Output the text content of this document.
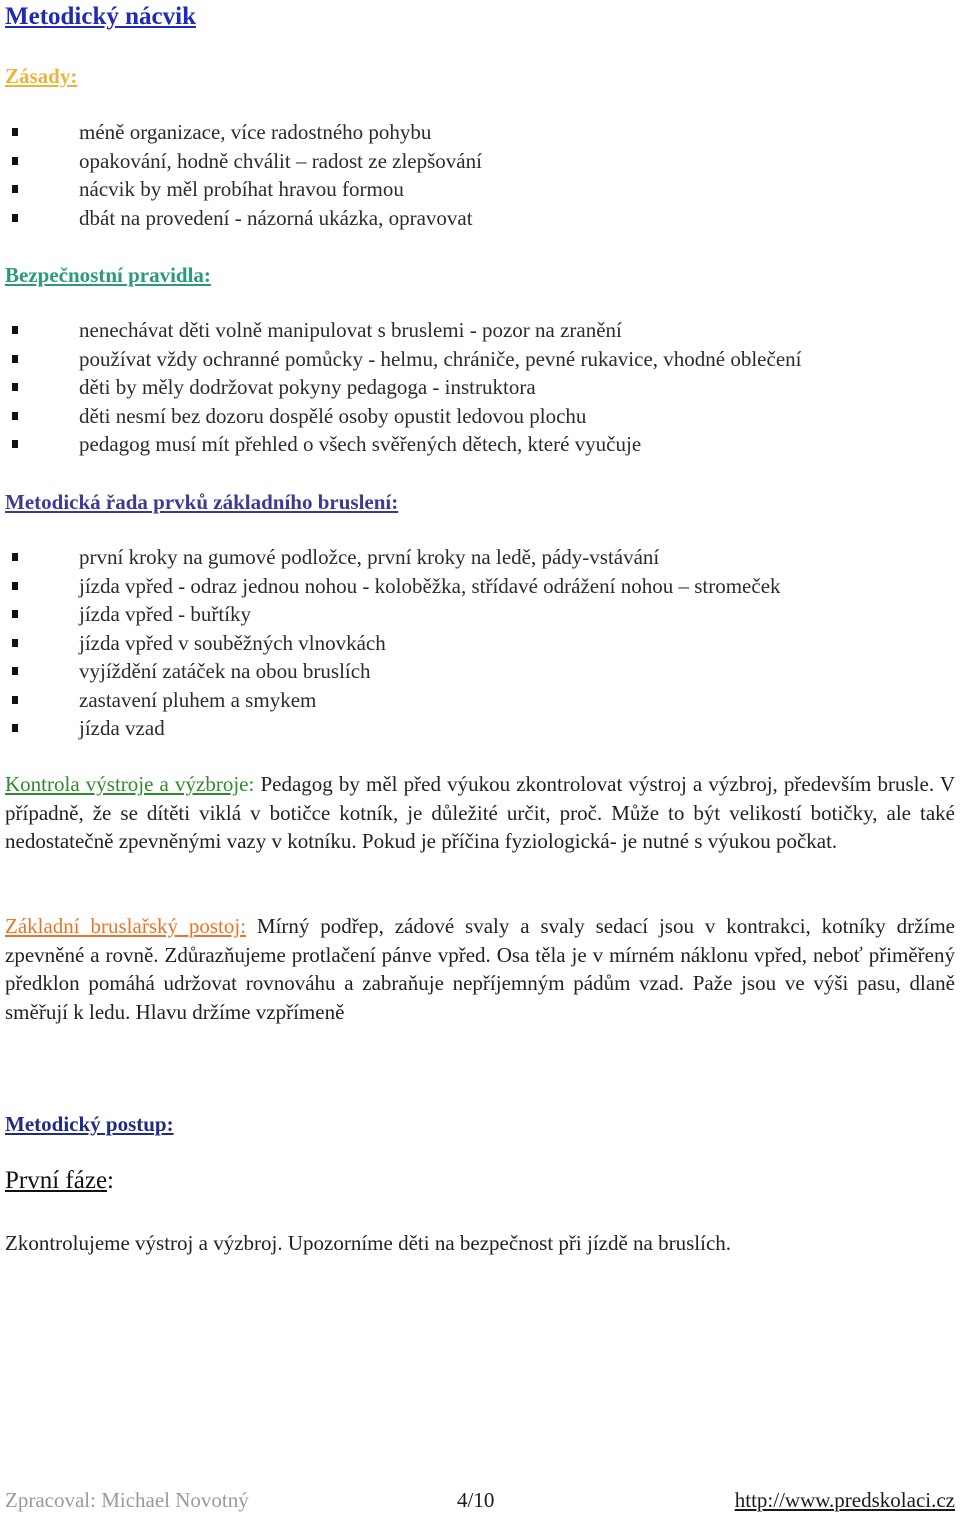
Metodický nácvik
Zásady:
méně organizace, více radostného pohybu
opakování, hodně chválit – radost ze zlepšování
nácvik by měl probíhat hravou formou
dbát na provedení - názorná ukázka, opravovat
Bezpečnostní pravidla:
nenechávat děti volně manipulovat s bruslemi - pozor na zranění
používat vždy ochranné pomůcky - helmu, chrániče, pevné rukavice, vhodné oblečení
děti by měly dodržovat pokyny pedagoga - instruktora
děti nesmí bez dozoru dospělé osoby opustit ledovou plochu
pedagog musí mít přehled o všech svěřených dětech, které vyučuje
Metodická řada prvků základního bruslení:
první kroky na gumové podložce, první kroky na ledě, pády-vstávání
jízda vpřed - odraz jednou nohou - koloběžka, střídavé odrážení nohou – stromeček
jízda vpřed - buřtíky
jízda vpřed v souběžných vlnovkách
vyjíždění zatáček na obou bruslích
zastavení pluhem a smykem
jízda vzad

Kontrola výstroje a výzbroje: Pedagog by měl před výukou zkontrolovat výstroj a výzbroj, především brusle. V případně, že se dítěti viklá v botičce kotník, je důležité určit, proč. Může to být velikostí botičky, ale také nedostatečně zpevněnými vazy v kotníku. Pokud je příčina fyziologická- je nutné s výukou počkat.

Základní bruslařský postoj: Mírný podřep, zádové svaly a svaly sedací jsou v kontrakci, kotníky držíme zpevněné a rovně. Zdůrazňujeme protlačení pánve vpřed. Osa těla je v mírném náklonu vpřed, neboť přiměřený předklon pomáhá udržovat rovnováhu a zabraňuje nepříjemným pádům vzad. Paže jsou ve výši pasu, dlaně směřují k ledu. Hlavu držíme vzpřímeně

Metodický postup:
První fáze:

Zkontrolujeme výstroj a výzbroj. Upozorníme děti na bezpečnost při jízdě na bruslích.

Zpracoval: Michael Novotný	4/10	http://www.predskolaci.cz
